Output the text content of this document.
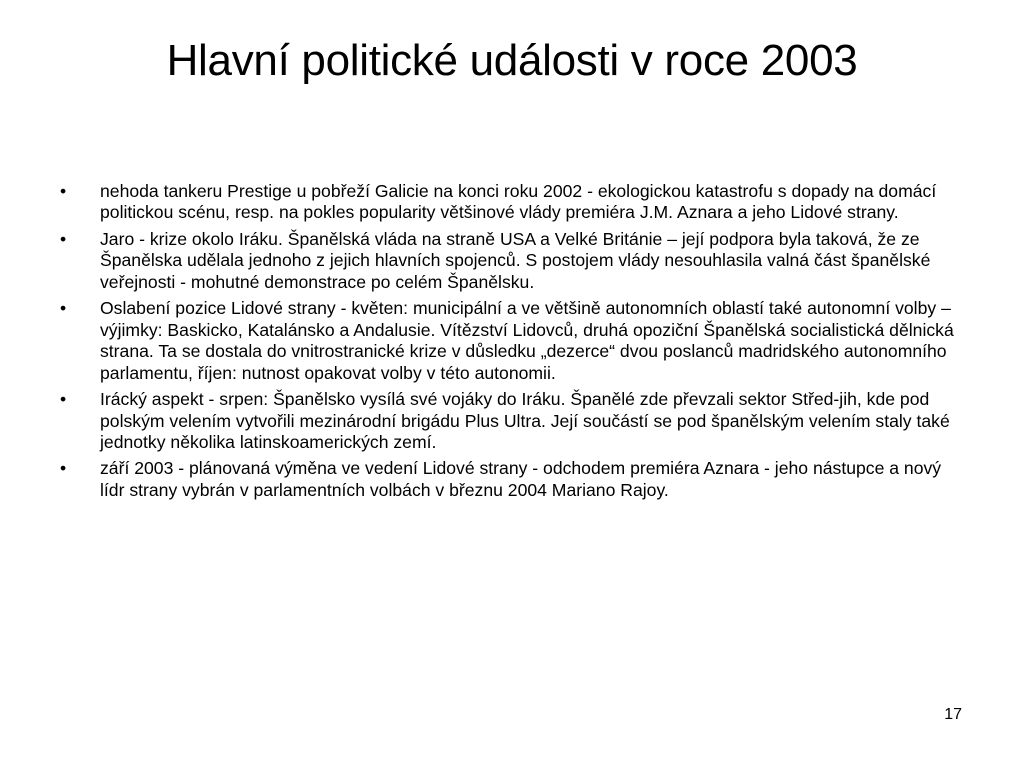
Hlavní politické události v roce 2003
• nehoda tankeru Prestige u pobřeží Galicie na konci roku 2002 - ekologickou katastrofu s dopady na domácí politickou scénu, resp. na pokles popularity většinové vlády premiéra J.M. Aznara a jeho Lidové strany.
• Jaro - krize okolo Iráku. Španělská vláda na straně USA a Velké Británie – její podpora byla taková, že ze Španělska udělala jednoho z jejich hlavních spojenců. S postojem vlády nesouhlasila valná část španělské veřejnosti - mohutné demonstrace po celém Španělsku.
• Oslabení pozice Lidové strany - květen: municipální a ve většině autonomních oblastí také autonomní volby – výjimky: Baskicko, Katalánsko a Andalusie. Vítězství Lidovců, druhá opoziční Španělská socialistická dělnická strana. Ta se dostala do vnitrostranické krize v důsledku „dezerce“ dvou poslanců madridského autonomního parlamentu, říjen: nutnost opakovat volby v této autonomii.
• Irácký aspekt - srpen: Španělsko vysílá své vojáky do Iráku. Španělé zde převzali sektor Střed-jih, kde pod polským velením vytvořili mezinárodní brigádu Plus Ultra. Její součástí se pod španělským velením staly také jednotky několika latinskoamerických zemí.
• září 2003 - plánovaná výměna ve vedení Lidové strany - odchodem premiéra Aznara - jeho nástupce a nový lídr strany vybrán v parlamentních volbách v březnu 2004 Mariano Rajoy.
17
